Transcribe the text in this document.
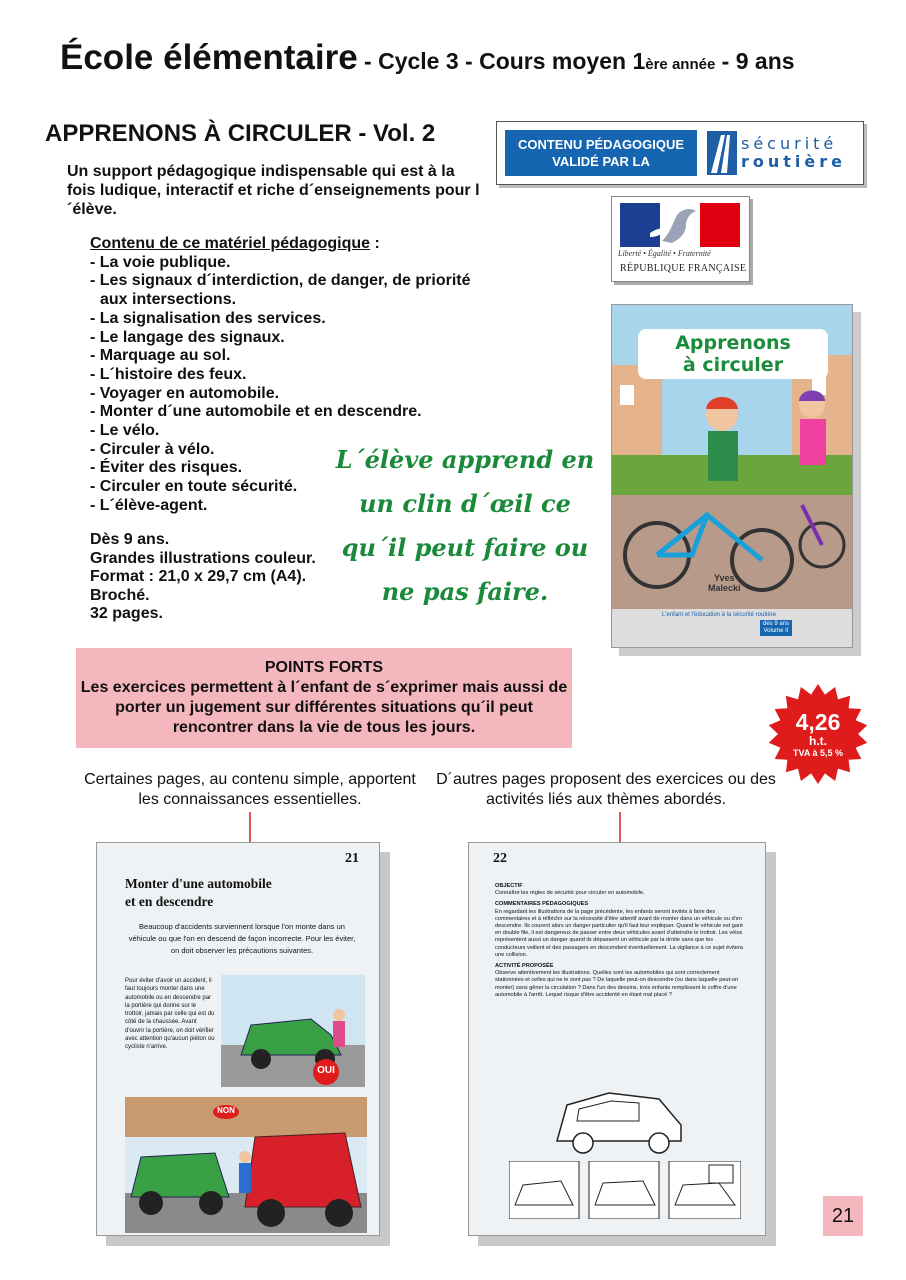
École élémentaire - Cycle 3 - Cours moyen 1ère année - 9 ans
APPRENONS À CIRCULER - Vol. 2
Un support pédagogique indispensable qui est à la fois ludique, interactif et riche d´enseignements pour l´élève.
Contenu de ce matériel pédagogique :
- La voie publique.
- Les signaux d´interdiction, de danger, de priorité
aux intersections.
- La signalisation des services.
- Le langage des signaux.
- Marquage au sol.
- L´histoire des feux.
- Voyager en automobile.
- Monter d´une automobile et en descendre.
- Le vélo.
- Circuler à vélo.
- Éviter des risques.
- Circuler en toute sécurité.
- L´élève-agent.
Dès 9 ans.
Grandes illustrations couleur.
Format : 21,0 x 29,7 cm (A4).
Broché.
32 pages.
L´élève apprend en
un clin d´œil ce
qu´il peut faire ou
ne pas faire.
CONTENU PÉDAGOGIQUE
VALIDÉ PAR LA
sécurité
routière
Liberté • Égalité • Fraternité
RÉPUBLIQUE FRANÇAISE
Apprenons
à circuler
Yves
Malecki
L'enfant et l'éducation à la sécurité routière
dès 9 ans
Volume II
POINTS FORTS
Les exercices permettent à l´enfant de s´exprimer mais aussi de porter un jugement sur différentes situations qu´il peut rencontrer dans la vie de tous les jours.	4,26
h.t.
TVA à 5,5 %
Certaines pages, au contenu simple, apportent les connaissances essentielles.
D´autres pages proposent des exercices ou des activités liés aux thèmes abordés.
21
Monter d'une automobile
et en descendre
Beaucoup d'accidents surviennent lorsque l'on monte dans un véhicule ou que l'on en descend de façon incorrecte. Pour les éviter, on doit observer les précautions suivantes.
Pour éviter d'avoir un accident, il faut toujours monter dans une automobile ou en descendre par la portière qui donne sur le trottoir, jamais par celle qui est du côté de la chaussée. Avant d'ouvrir la portière, on doit vérifier avec attention qu'aucun piéton ou cycliste n'arrive.
OUI
NON
22
OBJECTIF
Connaître les règles de sécurité pour circuler en automobile.
COMMENTAIRES PÉDAGOGIQUES
En regardant les illustrations de la page précédente, les enfants seront invités à faire des commentaires et à réfléchir sur la nécessité d'être attentif avant de monter dans un véhicule ou d'en descendre. Ils courent alors un danger particulier qu'il faut leur expliquer. Quand le véhicule est garé en double file, il est dangereux de passer entre deux véhicules avant d'atteindre le trottoir. Les vélos représentent aussi un danger quand ils dépassent un véhicule par la droite sans que les conducteurs veillent et des passagers en descendent éventuellement. La vigilance à ce sujet évitera une collision.
ACTIVITÉ PROPOSÉE
Observe attentivement les illustrations. Quelles sont les automobiles qui sont correctement stationnées et celles qui ne le sont pas ? De laquelle peut-on descendre (ou dans laquelle peut-on monter) sans gêner la circulation ? Dans l'un des dessins, trois enfants remplissent le coffre d'une automobile à l'arrêt. Lequel risque d'être accidenté en étant mal placé ?
21
